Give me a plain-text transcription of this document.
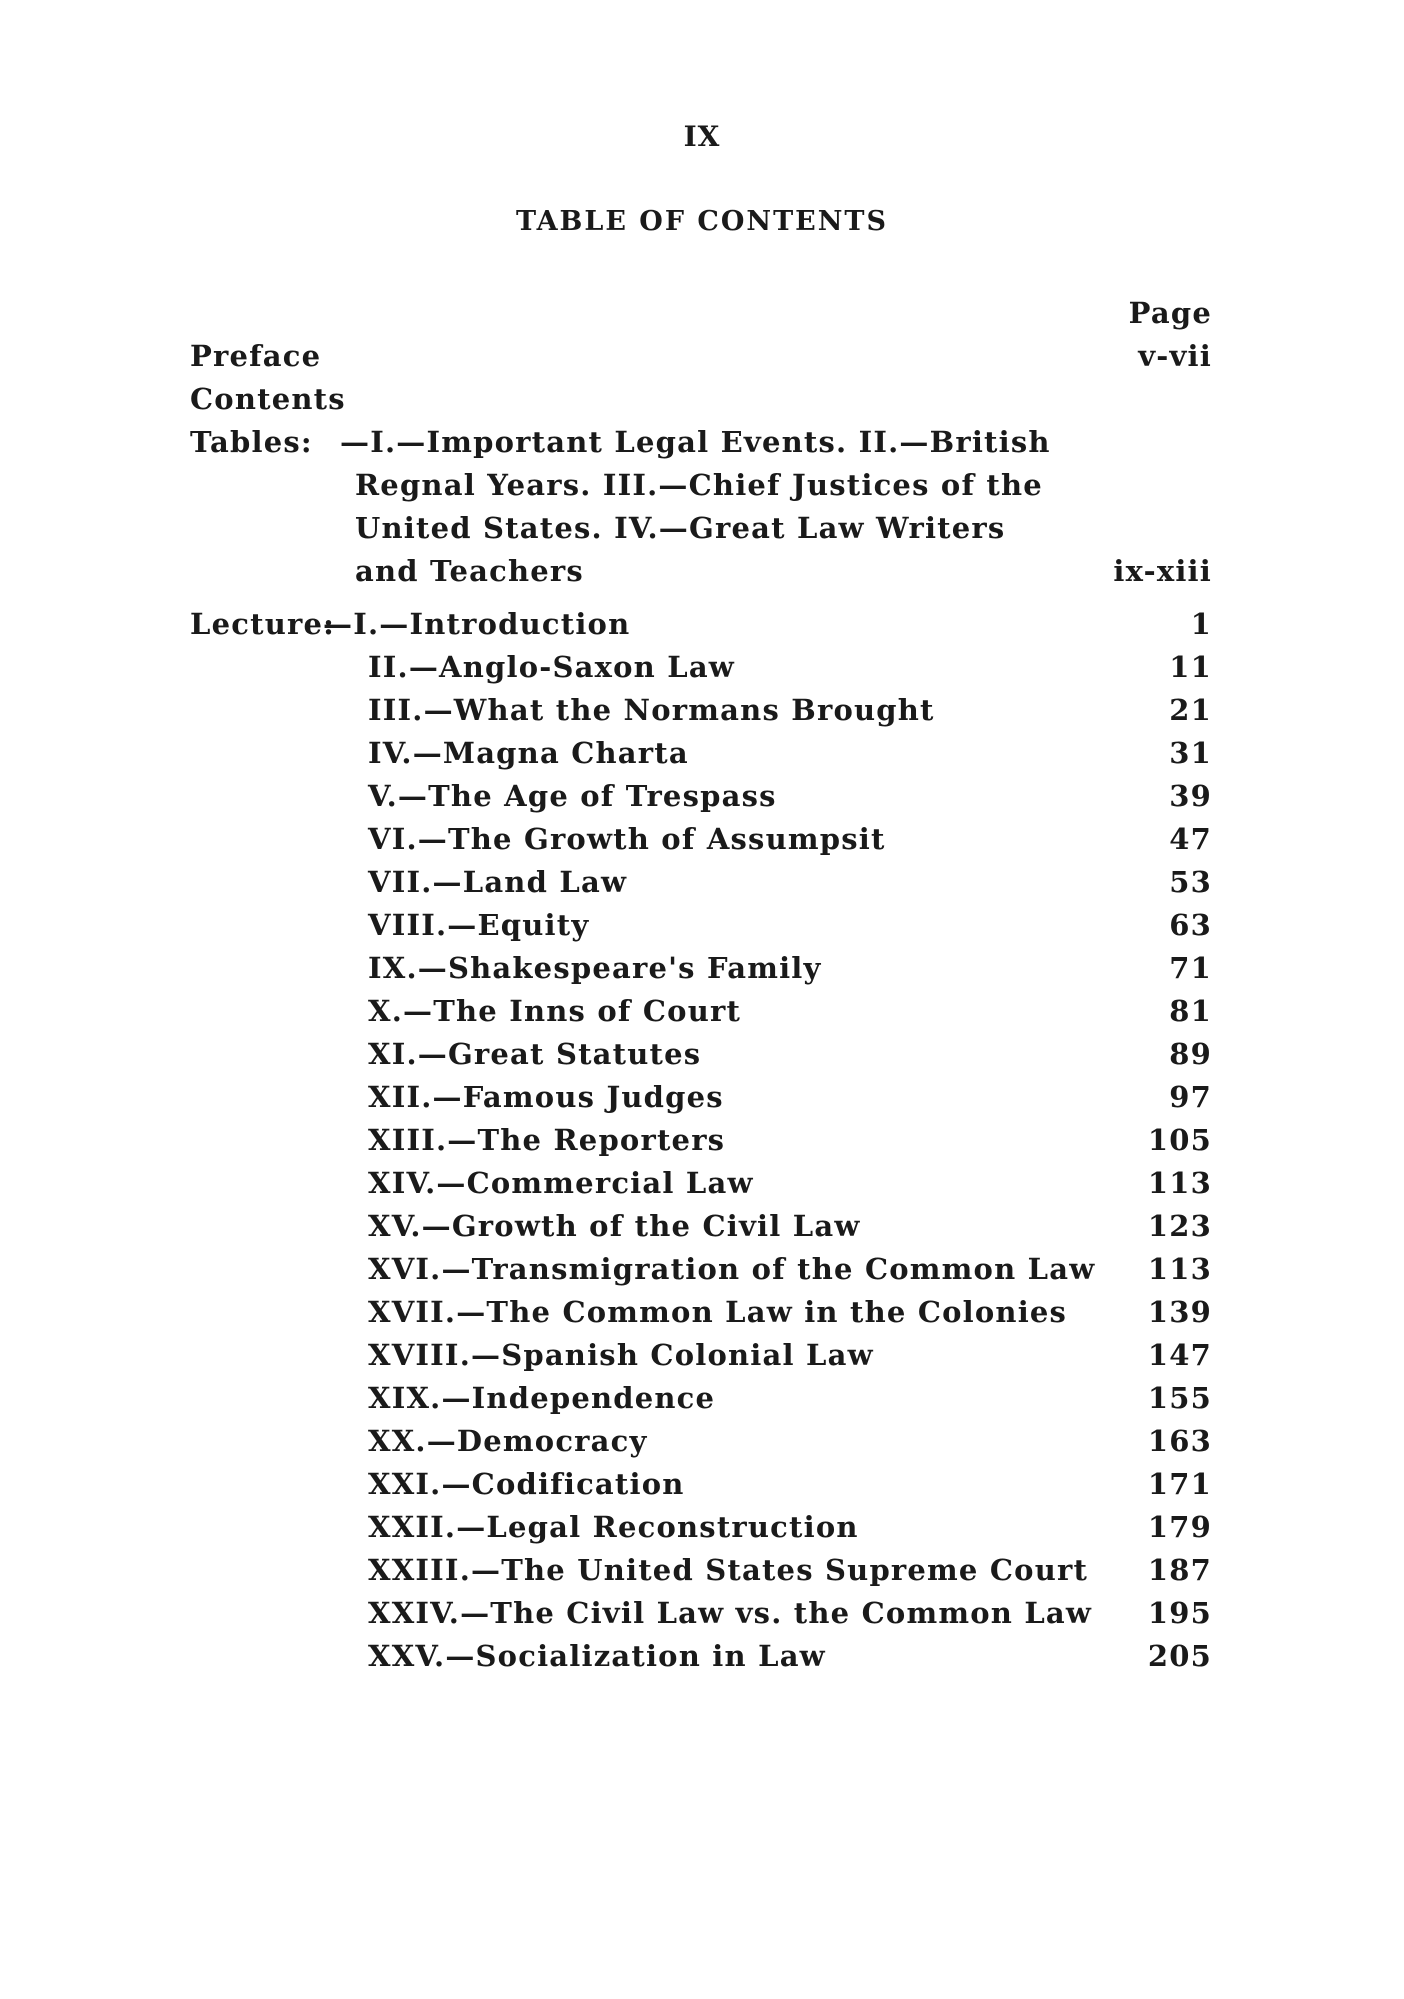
IX
TABLE OF CONTENTS
Page
Preface	v-vii
Contents
Tables: —I.—Important Legal Events. II.—British
Regnal Years. III.—Chief Justices of the
United States. IV.—Great Law Writers
and Teachers	ix-xiii
Lecture:
—I.—Introduction	1
II.—Anglo-Saxon Law	11
III.—What the Normans Brought	21
IV.—Magna Charta	31
V.—The Age of Trespass	39
VI.—The Growth of Assumpsit	47
VII.—Land Law	53
VIII.—Equity	63
IX.—Shakespeare's Family	71
X.—The Inns of Court	81
XI.—Great Statutes	89
XII.—Famous Judges	97
XIII.—The Reporters	105
XIV.—Commercial Law	113
XV.—Growth of the Civil Law	123
XVI.—Transmigration of the Common Law 113
XVII.—The Common Law in the Colonies	139
XVIII.—Spanish Colonial Law	147
XIX.—Independence	155
XX.—Democracy	163
XXI.—Codification	171
XXII.—Legal Reconstruction	179
XXIII.—The United States Supreme Court 187
XXIV.—The Civil Law vs. the Common Law 195
XXV.—Socialization in Law	205
